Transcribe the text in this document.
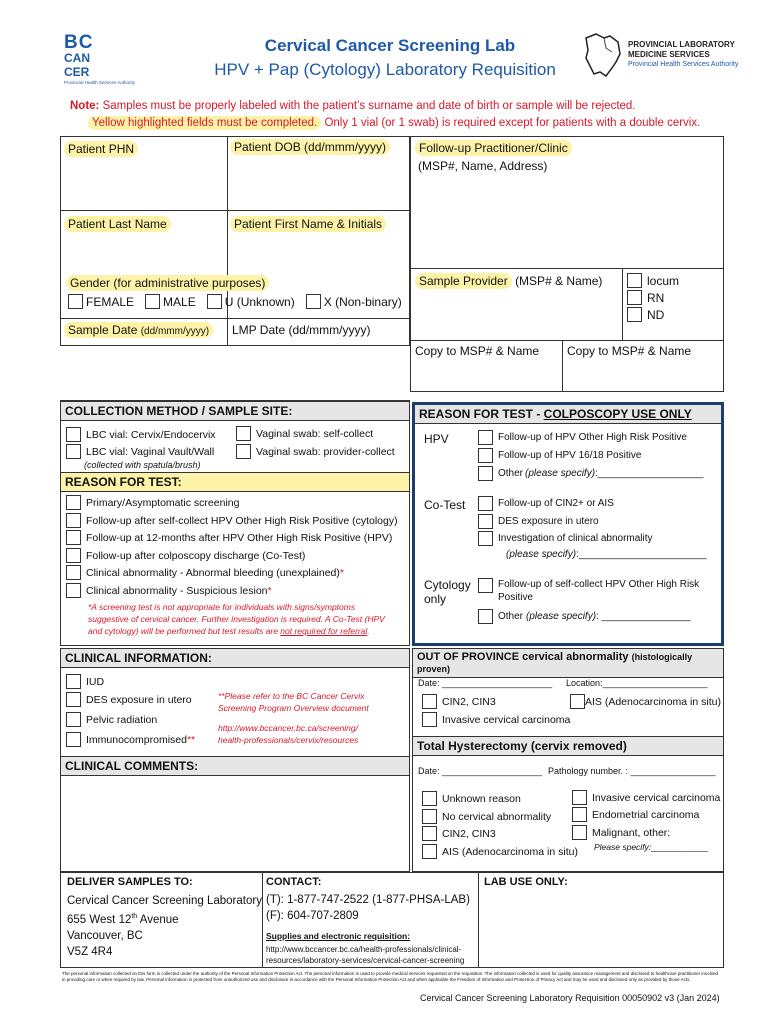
BC
CANCER
Provincial Health Services Authority
Cervical Cancer Screening Lab
HPV + Pap (Cytology) Laboratory Requisition
PROVINCIAL LABORATORY
MEDICINE SERVICES
Provincial Health Services Authority
Note: Samples must be properly labeled with the patient’s surname and date of birth or sample will be rejected.
Yellow highlighted fields must be completed. Only 1 vial (or 1 swab) is required except for patients with a double cervix.
Patient PHN	Patient DOB (dd/mmm/yyyy)
Patient Last Name	Patient First Name & Initials
Gender (for administrative purposes)
FEMALE MALE U (Unknown) X (Non-binary)
Sample Date (dd/mmm/yyyy)	LMP Date (dd/mmm/yyyy)
Follow-up Practitioner/Clinic
(MSP#, Name, Address)
Sample Provider (MSP# & Name)	locum
RN
ND
Copy to MSP# & Name Copy to MSP# & Name
COLLECTION METHOD / SAMPLE SITE:
LBC vial: Cervix/Endocervix	Vaginal swab: self-collect
LBC vial: Vaginal Vault/Wall	Vaginal swab: provider-collect
(collected with spatula/brush)
REASON FOR TEST:
Primary/Asymptomatic screening
Follow-up after self-collect HPV Other High Risk Positive (cytology)
Follow-up at 12-months after HPV Other High Risk Positive (HPV)
Follow-up after colposcopy discharge (Co-Test)
Clinical abnormality - Abnormal bleeding (unexplained) *
Clinical abnormality - Suspicious lesion *
*A screening test is not appropriate for individuals with signs/symptoms
suggestive of cervical cancer. Further investigation is required. A Co-Test (HPV
and cytology) will be performed but test results are not required for referral.
REASON FOR TEST - COLPOSCOPY USE ONLY
HPV	Follow-up of HPV Other High Risk Positive
Follow-up of HPV 16/18 Positive
Other (please specify) :___________________
Co-Test	Follow-up of CIN2+ or AIS
DES exposure in utero
Investigation of clinical abnormality
(please specify):_______________________
Cytology
only
Follow-up of self-collect HPV Other High Risk
Positive
Other (please specify) : ________________
CLINICAL INFORMATION:
IUD
DES exposure in utero
Pelvic radiation
Immunocompromised **
**Please refer to the BC Cancer Cervix
Screening Program Overview document
http://www.bccancer.bc.ca/screening/
health-professionals/cervix/resources
CLINICAL COMMENTS:
OUT OF PROVINCE cervical abnormality (histologically proven)
Date: ______________________ Location:_____________________
CIN2, CIN3	AIS (Adenocarcinoma in situ)
Invasive cervical carcinoma
Total Hysterectomy (cervix removed)
Date: ____________________ Pathology number. : _________________
Unknown reason
No cervical abnormality
CIN2, CIN3
AIS (Adenocarcinoma in situ)
Invasive cervical carcinoma
Endometrial carcinoma
Malignant, other:
Please specify:____________
DELIVER SAMPLES TO:
Cervical Cancer Screening Laboratory
655 West 12th Avenue
Vancouver, BC
V5Z 4R4
CONTACT:
(T): 1-877-747-2522 (1-877-PHSA-LAB)
(F): 604-707-2809
Supplies and electronic requisition:
http://www.bccancer.bc.ca/health-professionals/clinical-
resources/laboratory-services/cervical-cancer-screening
LAB USE ONLY:
The personal information collected on this form is collected under the authority of the Personal Information Protection Act. The personal information is used to provide medical services requested on the requisition. The information collected is used for quality assurance management and disclosed to healthcare practitioner involved in providing care or when required by law. Personal information is protected from unauthorized use and disclosure in accordance with the Personal Information Protection Act and when applicable the Freedom of Information and Protection of Privacy Act and may be used and disclosed only as provided by those Acts.
Cervical Cancer Screening Laboratory Requisition 00050902 v3 (Jan 2024)
